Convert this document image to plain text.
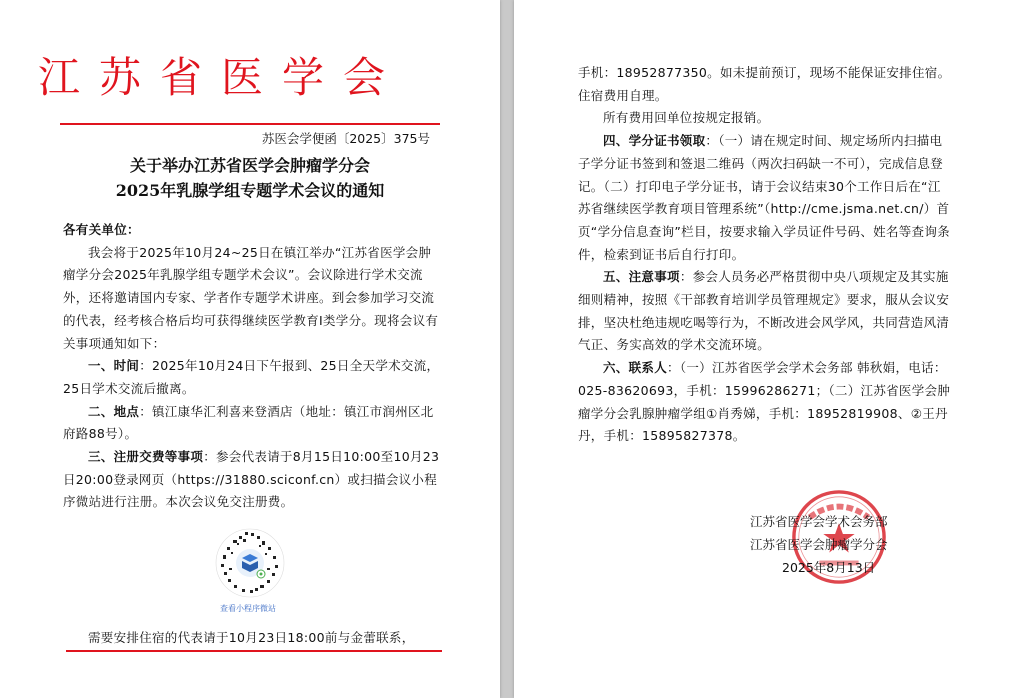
江苏省医学会
苏医会学便函〔2025〕375号
关于举办江苏省医学会肿瘤学分会
2025年乳腺学组专题学术会议的通知

各有关单位：

我会将于2025年10月24~25日在镇江举办“江苏省医学会肿瘤学分会2025年乳腺学组专题学术会议”。会议除进行学术交流外，还将邀请国内专家、学者作专题学术讲座。到会参加学习交流的代表，经考核合格后均可获得继续医学教育Ⅰ类学分。现将会议有关事项通知如下：

一、时间：2025年10月24日下午报到、25日全天学术交流，25日学术交流后撤离。

二、地点：镇江康华汇利喜来登酒店（地址：镇江市润州区北府路88号）。

三、注册交费等事项：参会代表请于8月15日10:00至10月23日20:00登录网页（https://31880.sciconf.cn）或扫描会议小程序微站进行注册。本次会议免交注册费。

查看小程序微站

需要安排住宿的代表请于10月23日18:00前与金蕾联系，

手机：18952877350。如未提前预订，现场不能保证安排住宿。住宿费用自理。

所有费用回单位按规定报销。

四、学分证书领取：（一）请在规定时间、规定场所内扫描电子学分证书签到和签退二维码（两次扫码缺一不可），完成信息登记。（二）打印电子学分证书，请于会议结束30个工作日后在“江苏省继续医学教育项目管理系统”（http://cme.jsma.net.cn/）首页“学分信息查询”栏目，按要求输入学员证件号码、姓名等查询条件，检索到证书后自行打印。

五、注意事项：参会人员务必严格贯彻中央八项规定及其实施细则精神，按照《干部教育培训学员管理规定》要求，服从会议安排，坚决杜绝违规吃喝等行为，不断改进会风学风，共同营造风清气正、务实高效的学术交流环境。

六、联系人：（一）江苏省医学会学术会务部 韩秋娟，电话：025-83620693，手机：15996286271；（二）江苏省医学会肿瘤学分会乳腺肿瘤学组①肖秀娣，手机：18952819908、②王丹丹，手机：15895827378。

江苏省医学会学术会务部
江苏省医学会肿瘤学分会
2025年8月13日
